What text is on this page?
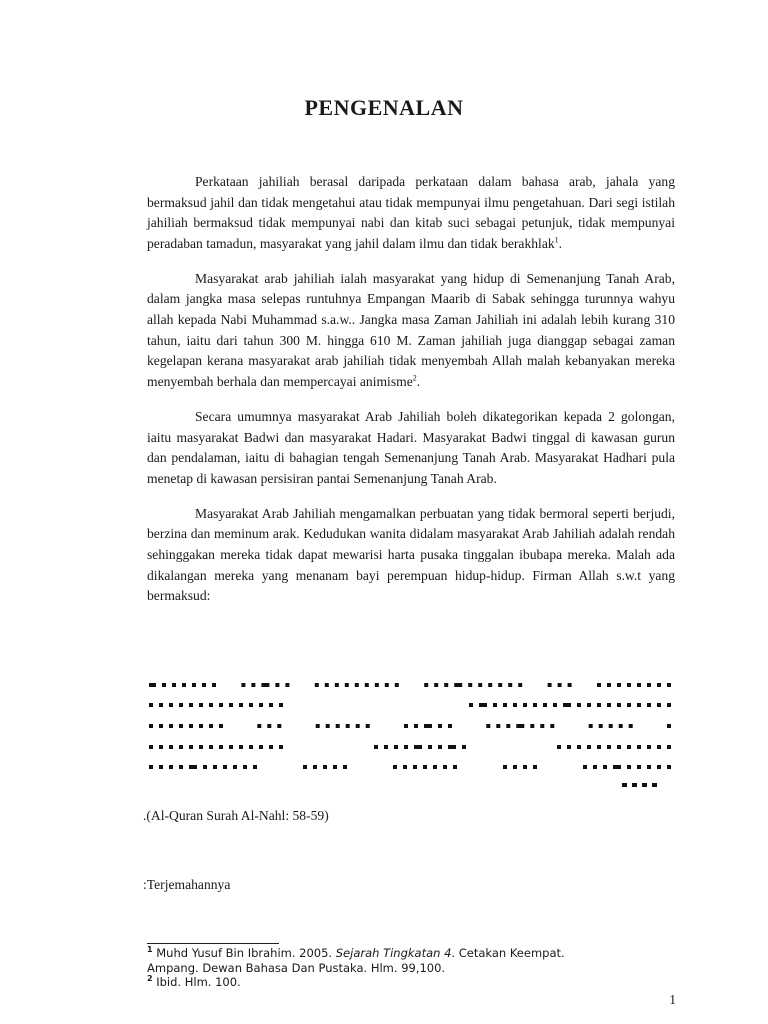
PENGENALAN

Perkataan jahiliah berasal daripada perkataan dalam bahasa arab, jahala yang bermaksud jahil dan tidak mengetahui atau tidak mempunyai ilmu pengetahuan. Dari segi istilah jahiliah bermaksud tidak mempunyai nabi dan kitab suci sebagai petunjuk, tidak mempunyai peradaban tamadun, masyarakat yang jahil dalam ilmu dan tidak berakhlak$^1$.

Masyarakat arab jahiliah ialah masyarakat yang hidup di Semenanjung Tanah Arab, dalam jangka masa selepas runtuhnya Empangan Maarib di Sabak sehingga turunnya wahyu allah kepada Nabi Muhammad s.a.w.. Jangka masa Zaman Jahiliah ini adalah lebih kurang 310 tahun, iaitu dari tahun 300 M. hingga 610 M. Zaman jahiliah juga dianggap sebagai zaman kegelapan kerana masyarakat arab jahiliah tidak menyembah Allah malah kebanyakan mereka menyembah berhala dan mempercayai animisme$^2$.

Secara umumnya masyarakat Arab Jahiliah boleh dikategorikan kepada 2 golongan, iaitu masyarakat Badwi dan masyarakat Hadari. Masyarakat Badwi tinggal di kawasan gurun dan pendalaman, iaitu di bahagian tengah Semenanjung Tanah Arab. Masyarakat Hadhari pula menetap di kawasan persisiran pantai Semenanjung Tanah Arab.

Masyarakat Arab Jahiliah mengamalkan perbuatan yang tidak bermoral seperti berjudi, berzina dan meminum arak. Kedudukan wanita didalam masyarakat Arab Jahiliah adalah rendah sehinggakan mereka tidak dapat mewarisi harta pusaka tinggalan ibubapa mereka. Malah ada dikalangan mereka yang menanam bayi perempuan hidup-hidup. Firman Allah s.w.t yang bermaksud:

.(Al-Quran Surah Al-Nahl: 58-59)
:Terjemahannya
$^1$ Muhd Yusuf Bin Ibrahim. 2005. Sejarah Tingkatan 4. Cetakan Keempat.
Ampang. Dewan Bahasa Dan Pustaka. Hlm. 99,100.
$^2$ Ibid. Hlm. 100.
1
